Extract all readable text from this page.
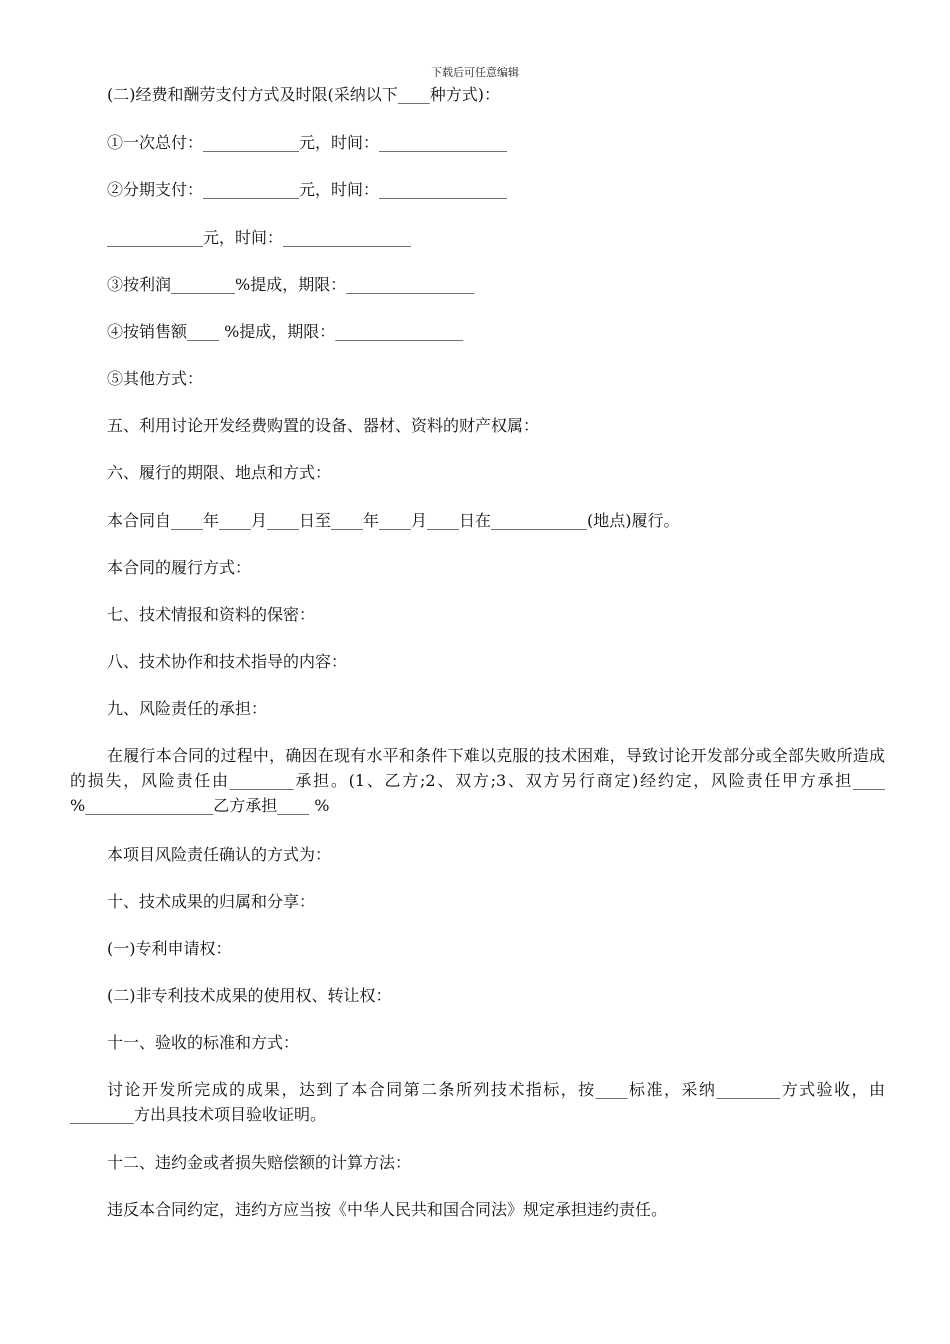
下载后可任意编辑
(二)经费和酬劳支付方式及时限(采纳以下____种方式)：
①一次总付：____________元，时间：________________
②分期支付：____________元，时间：________________
____________元，时间：________________
③按利润________%提成，期限：________________
④按销售额____ %提成，期限：________________
⑤其他方式：
五、利用讨论开发经费购置的设备、器材、资料的财产权属：
六、履行的期限、地点和方式：
本合同自____年____月____日至____年____月____日在____________(地点)履行。
本合同的履行方式：
七、技术情报和资料的保密：
八、技术协作和技术指导的内容：
九、风险责任的承担：
在履行本合同的过程中，确因在现有水平和条件下难以克服的技术困难，导致讨论开发部分或全部失败所造成的损失，风险责任由________承担。(1、乙方;2、双方;3、双方另行商定)经约定，风险责任甲方承担____ %________________乙方承担____ %
本项目风险责任确认的方式为：
十、技术成果的归属和分享：
(一)专利申请权：
(二)非专利技术成果的使用权、转让权：
十一、验收的标准和方式：
讨论开发所完成的成果，达到了本合同第二条所列技术指标，按____标准，采纳________方式验收，由________方出具技术项目验收证明。
十二、违约金或者损失赔偿额的计算方法：
违反本合同约定，违约方应当按《中华人民共和国合同法》规定承担违约责任。
